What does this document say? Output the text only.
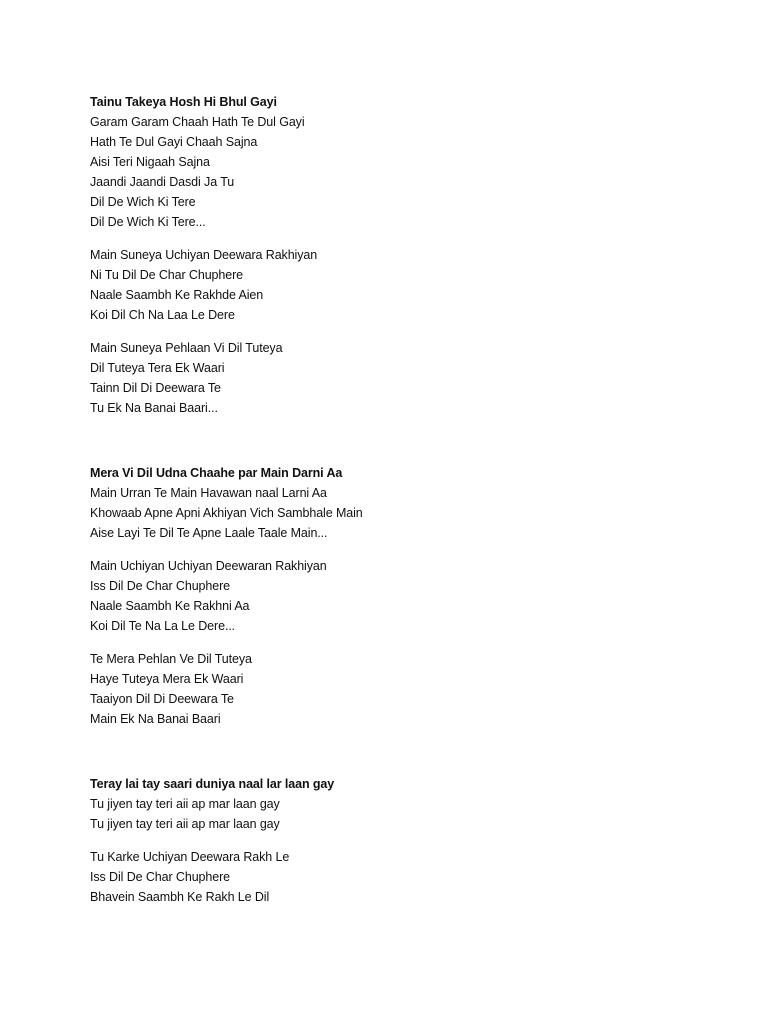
Tainu Takeya Hosh Hi Bhul Gayi
Garam Garam Chaah Hath Te Dul Gayi
Hath Te Dul Gayi Chaah Sajna
Aisi Teri Nigaah Sajna
Jaandi Jaandi Dasdi Ja Tu
Dil De Wich Ki Tere
Dil De Wich Ki Tere...
Main Suneya Uchiyan Deewara Rakhiyan
Ni Tu Dil De Char Chuphere
Naale Saambh Ke Rakhde Aien
Koi Dil Ch Na Laa Le Dere
Main Suneya Pehlaan Vi Dil Tuteya
Dil Tuteya Tera Ek Waari
Tainn Dil Di Deewara Te
Tu Ek Na Banai Baari...
Mera Vi Dil Udna Chaahe par Main Darni Aa
Main Urran Te Main Havawan naal Larni Aa
Khowaab Apne Apni Akhiyan Vich Sambhale Main
Aise Layi Te Dil Te Apne Laale Taale Main...
Main Uchiyan Uchiyan Deewaran Rakhiyan
Iss Dil De Char Chuphere
Naale Saambh Ke Rakhni Aa
Koi Dil Te Na La Le Dere...
Te Mera Pehlan Ve Dil Tuteya
Haye Tuteya Mera Ek Waari
Taaiyon Dil Di Deewara Te
Main Ek Na Banai Baari
Teray lai tay saari duniya naal lar laan gay
Tu jiyen tay teri aii ap mar laan gay
Tu jiyen tay teri aii ap mar laan gay
Tu Karke Uchiyan Deewara Rakh Le
Iss Dil De Char Chuphere
Bhavein Saambh Ke Rakh Le Dil
